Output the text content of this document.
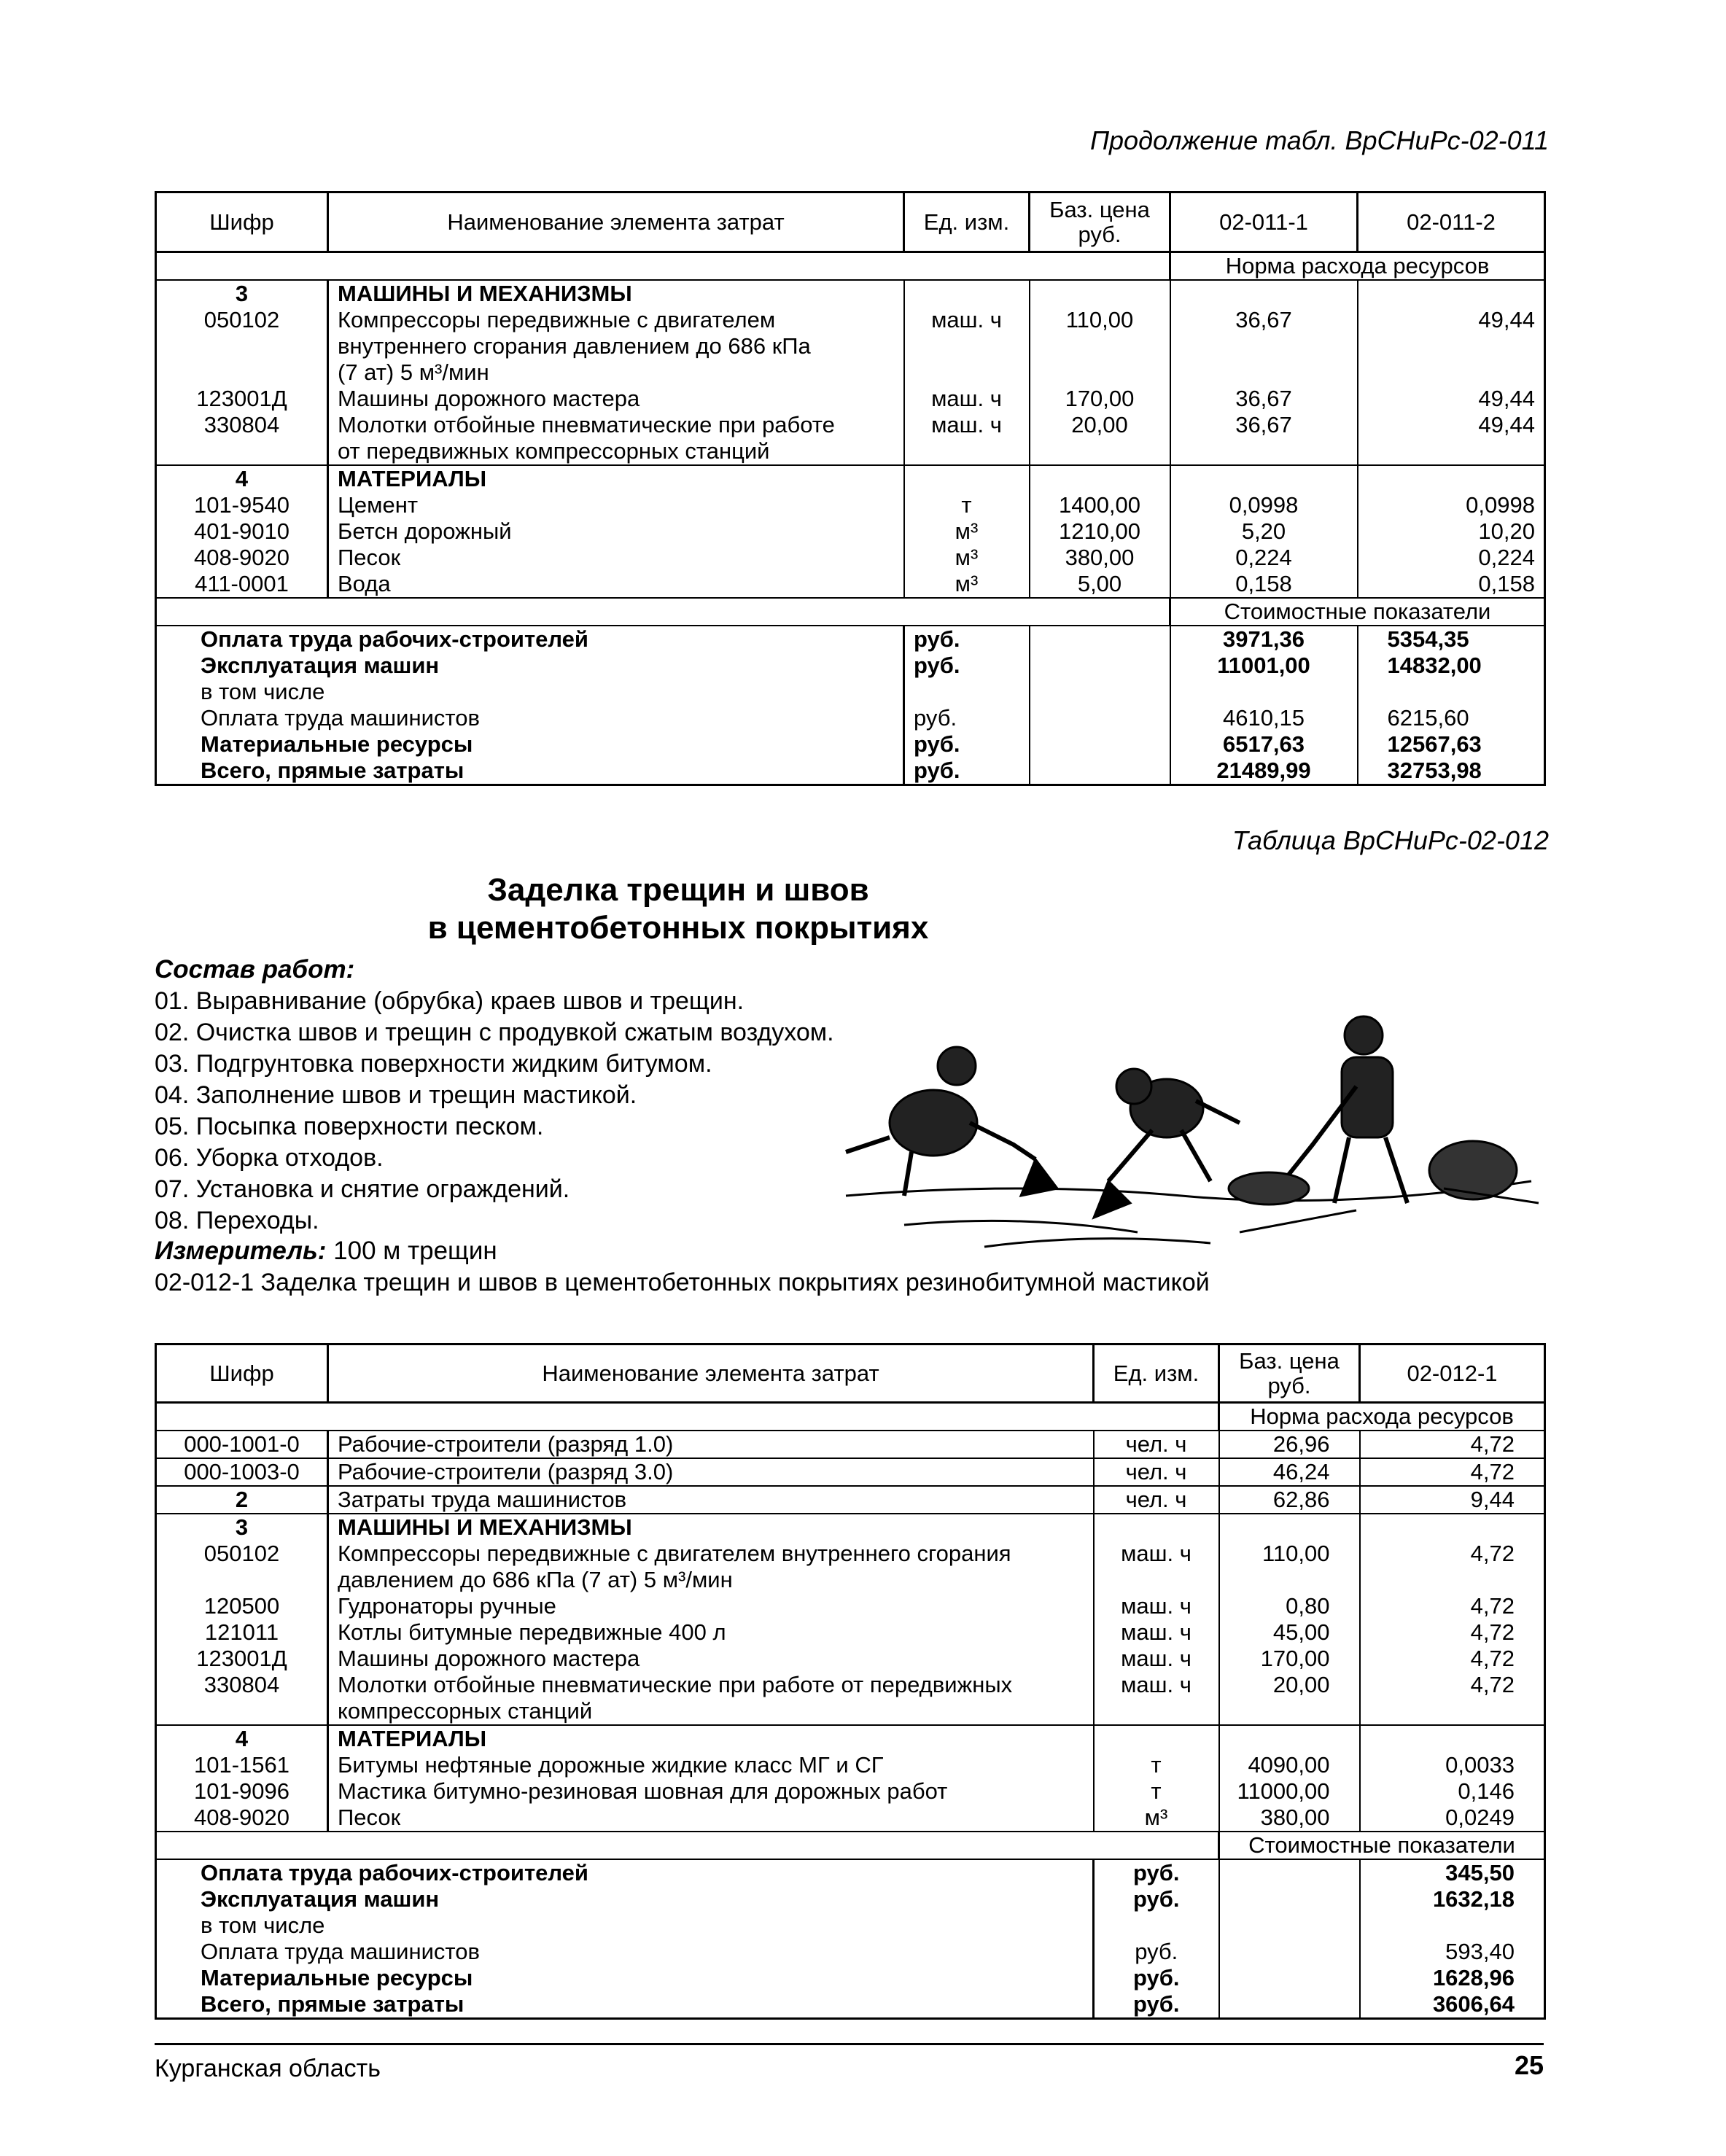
Продолжение табл. ВрСНиРс-02-011
Шифр	Наименование элемента затрат	Ед. изм.	Баз. цена
руб.	02-011-1	02-011-2
				Норма расхода ресурсов	
3	МАШИНЫ И МЕХАНИЗМЫ				
050102	Компрессоры передвижные с двигателем
внутреннего сгорания давлением до 686 кПа
(7 ат) 5 м³/мин	маш. ч	110,00	36,67	49,44
123001Д	Машины дорожного мастера	маш. ч	170,00	36,67	49,44
330804	Молотки отбойные пневматические при работе
от передвижных компрессорных станций	маш. ч	20,00	36,67	49,44
4	МАТЕРИАЛЫ				
101-9540	Цемент	т	1400,00	0,0998	0,0998
401-9010	Бетсн дорожный	м³	1210,00	5,20	10,20
408-9020	Песок	м³	380,00	0,224	0,224
411-0001	Вода	м³	5,00	0,158	0,158
				Стоимостные показатели	
Оплата труда рабочих-строителей		руб.		3971,36	5354,35
Эксплуатация машин		руб.		11001,00	14832,00
в том числе					
Оплата труда машинистов		руб.		4610,15	6215,60
Материальные ресурсы		руб.		6517,63	12567,63
Всего, прямые затраты		руб.		21489,99	32753,98
Таблица ВрСНиРс-02-012
Заделка трещин и швов
в цементобетонных покрытиях
Состав работ:
01. Выравнивание (обрубка) краев швов и трещин.
02. Очистка швов и трещин с продувкой сжатым воздухом.
03. Подгрунтовка поверхности жидким битумом.
04. Заполнение швов и трещин мастикой.
05. Посыпка поверхности песком.
06. Уборка отходов.
07. Установка и снятие ограждений.
08. Переходы.
Измеритель: 100 м трещин
02-012-1 Заделка трещин и швов в цементобетонных покрытиях резинобитумной мастикой
Шифр	Наименование элемента затрат	Ед. изм.	Баз. цена
руб.	02-012-1
			Норма расхода ресурсов	
000-1001-0	Рабочие-строители (разряд 1.0)	чел. ч	26,96	4,72
000-1003-0	Рабочие-строители (разряд 3.0)	чел. ч	46,24	4,72
2	Затраты труда машинистов	чел. ч	62,86	9,44
3	МАШИНЫ И МЕХАНИЗМЫ			
050102	Компрессоры передвижные с двигателем внутреннего сгорания
давлением до 686 кПа (7 ат) 5 м³/мин	маш. ч	110,00	4,72
120500	Гудронаторы ручные	маш. ч	0,80	4,72
121011	Котлы битумные передвижные 400 л	маш. ч	45,00	4,72
123001Д	Машины дорожного мастера	маш. ч	170,00	4,72
330804	Молотки отбойные пневматические при работе от передвижных
компрессорных станций	маш. ч	20,00	4,72
4	МАТЕРИАЛЫ			
101-1561	Битумы нефтяные дорожные жидкие класс МГ и СГ	т	4090,00	0,0033
101-9096	Мастика битумно-резиновая шовная для дорожных работ	т	11000,00	0,146
408-9020	Песок	м³	380,00	0,0249
			Стоимостные показатели	
Оплата труда рабочих-строителей		руб.		345,50
Эксплуатация машин		руб.		1632,18
в том числе				
Оплата труда машинистов		руб.		593,40
Материальные ресурсы		руб.		1628,96
Всего, прямые затраты		руб.		3606,64
Курганская область	25
